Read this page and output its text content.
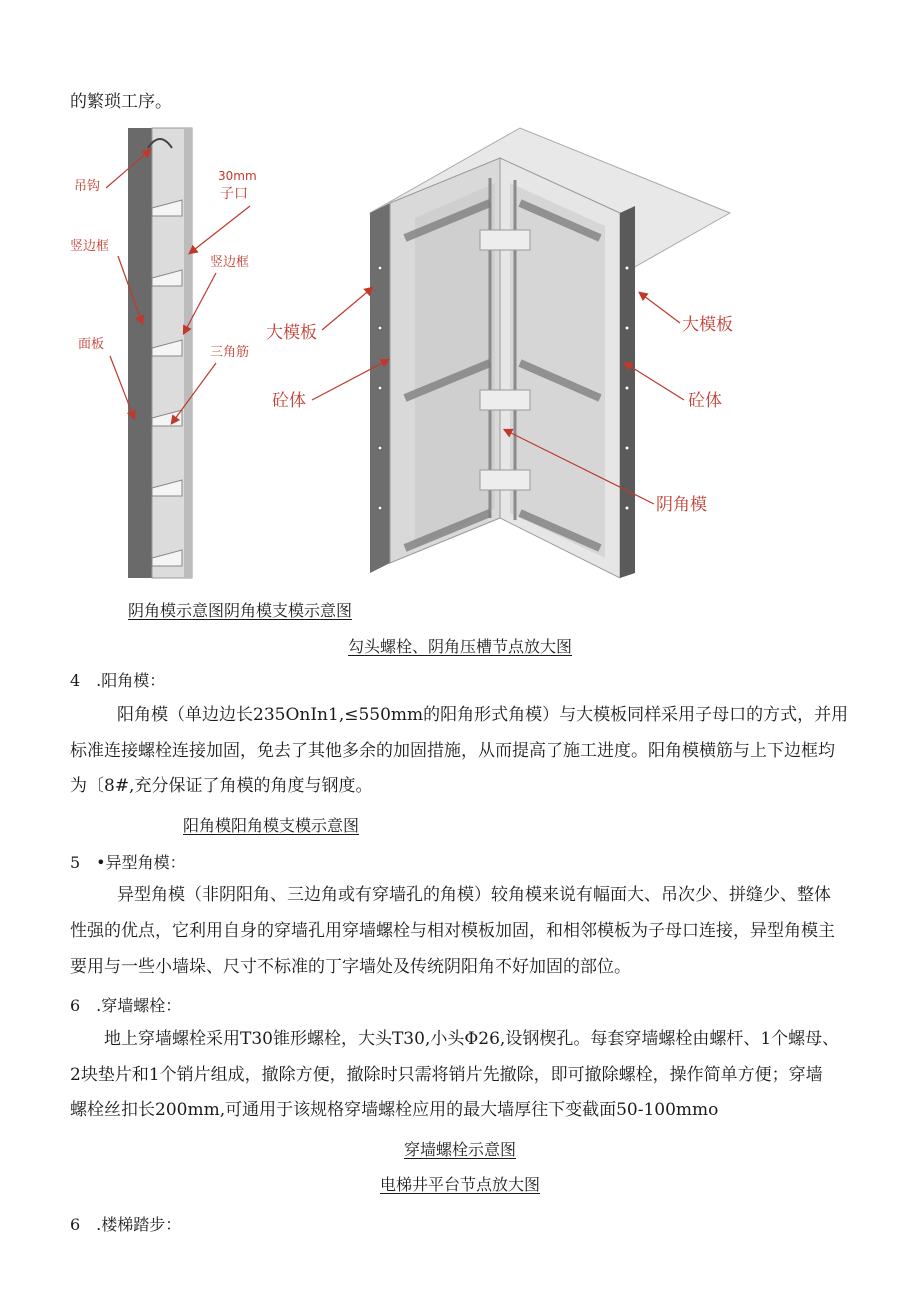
的繁琐工序。
吊钩
30mm
子口
竖边框
竖边框
面板
三角筋
大模板
砼体
大模板
砼体
阴角模
阴角模示意图阴角模支模示意图
勾头螺栓、阴角压槽节点放大图
4　.阳角模：
阳角模（单边边长235OnIn1,≤550mm的阳角形式角模）与大模板同样采用子母口的方式，并用
标准连接螺栓连接加固，免去了其他多余的加固措施，从而提高了施工进度。阳角模横筋与上下边框均
为〔8#,充分保证了角模的角度与钢度。
阳角模阳角模支模示意图
5　•异型角模：
异型角模（非阴阳角、三边角或有穿墙孔的角模）较角模来说有幅面大、吊次少、拼缝少、整体
性强的优点，它利用自身的穿墙孔用穿墙螺栓与相对模板加固，和相邻模板为子母口连接，异型角模主
要用与一些小墙垛、尺寸不标准的丁字墙处及传统阴阳角不好加固的部位。
6　.穿墙螺栓：
地上穿墙螺栓采用T30锥形螺栓，大头T30,小头Φ26,设钢楔孔。每套穿墙螺栓由螺杆、1个螺母、
2块垫片和1个销片组成，撤除方便，撤除时只需将销片先撤除，即可撤除螺栓，操作简单方便；穿墙
螺栓丝扣长200mm,可通用于该规格穿墙螺栓应用的最大墙厚往下变截面50-100mmo
穿墙螺栓示意图
电梯井平台节点放大图
6　.楼梯踏步：
